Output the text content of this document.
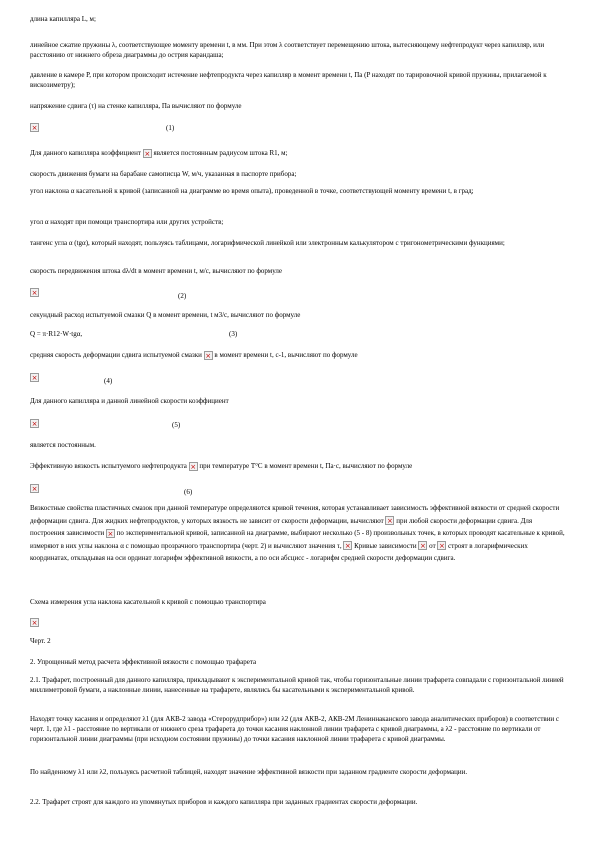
длина капилляра L, м;
линейное сжатие пружины λ, соответствующее моменту времени t, в мм. При этом λ соответствует перемещению штока, вытесняющему нефтепродукт через капилляр, или расстоянию от нижнего обреза диаграммы до острия карандаша;
давление в камере P, при котором происходит истечение нефтепродукта через капилляр в момент времени t, Па (P находят по тарировочной кривой пружины, прилагаемой к вискозиметру);
напряжение сдвига (τ) на стенке капилляра, Па вычисляют по формуле
×	(1)
Для данного капилляра коэффициент × является постоянным радиусом штока R1, м;
скорость движения бумаги на барабане самописца W, м/ч, указанная в паспорте прибора;
угол наклона α касательной к кривой (записанной на диаграмме во время опыта), проведенной в точке, соответствующей моменту времени t, в град;
угол α находят при помощи транспортира или других устройств;
тангенс угла α (tgα), который находят, пользуясь таблицами, логарифмической линейкой или электронным калькулятором с тригонометрическими функциями;
скорость передвижения штока dλ/dt в момент времени t, м/с, вычисляют по формуле
×	(2)
секундный расход испытуемой смазки Q в момент времени, t м3/с, вычисляют по формуле
Q = π·R12·W·tgα,	(3)
средняя скорость деформации сдвига испытуемой смазки × в момент времени t, с-1, вычисляют по формуле
×	(4)
Для данного капилляра и данной линейной скорости коэффициент
×	(5)
является постоянным.
Эффективную вязкость испытуемого нефтепродукта × при температуре T°С в момент времени t, Па·с, вычисляют по формуле
×	(6)
Вязкостные свойства пластичных смазок при данной температуре определяются кривой течения, которая устанавливает зависимость эффективной вязкости от средней скорости деформации сдвига. Для жидких нефтепродуктов, у которых вязкость не зависит от скорости деформации, вычисляют × при любой скорости деформации сдвига. Для построения зависимости × по экспериментальной кривой, записанной на диаграмме, выбирают несколько (5 - 8) произвольных точек, в которых проводят касательные к кривой, измеряют в них углы наклона α с помощью прозрачного транспортира (черт. 2) и вычисляют значения τ, × Кривые зависимости × от × строят в логарифмических координатах, откладывая на оси ординат логарифм эффективной вязкости, а по оси абсцисс - логарифм средней скорости деформации сдвига.
Схема измерения угла наклона касательной к кривой с помощью транспортира
×
Черт. 2
2. Упрощенный метод расчета эффективной вязкости с помощью трафарета
2.1. Трафарет, построенный для данного капилляра, прикладывают к экспериментальной кривой так, чтобы горизонтальные линии трафарета совпадали с горизонтальной линией миллиметровой бумаги, а наклонные линии, нанесенные на трафарете, являлись бы касательными к экспериментальной кривой.
Находят точку касания и определяют λ1 (для АКВ-2 завода «Стерорудприбор») или λ2 (для АКВ-2, АКВ-2М Лениннаканского завода аналитических приборов) в соответствии с черт. 1, где λ1 - расстояние по вертикали от нижнего среза трафарета до точки касания наклонной линии трафарета с кривой диаграммы, а λ2 - расстояние по вертикали от горизонтальной линии диаграммы (при исходном состоянии пружины) до точки касания наклонной линии трафарета с кривой диаграммы.
По найденному λ1 или λ2, пользуясь расчетной таблицей, находят значение эффективной вязкости при заданном градиенте скорости деформации.
2.2. Трафарет строят для каждого из упомянутых приборов и каждого капилляра при заданных градиентах скорости деформации.
